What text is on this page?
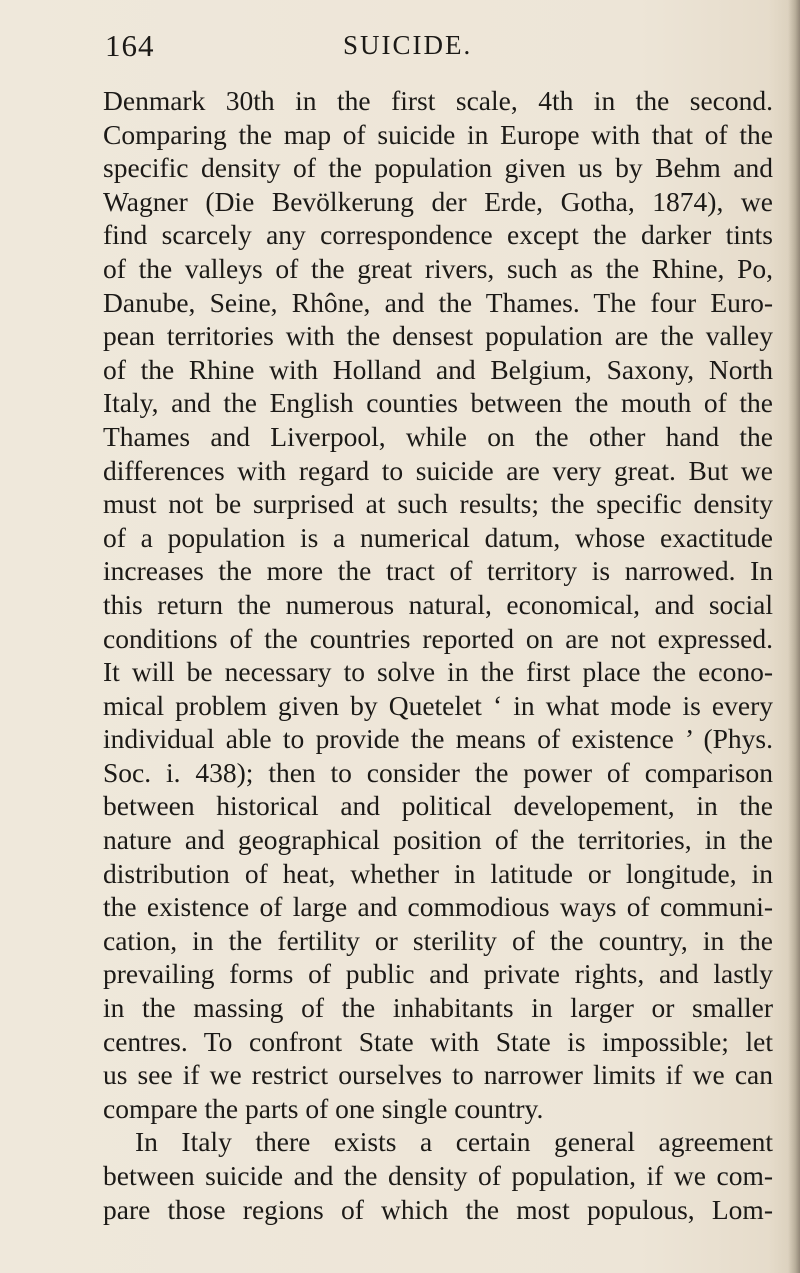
164	SUICIDE.
Denmark 30th in the first scale, 4th in the second.
Comparing the map of suicide in Europe with that of the
specific density of the population given us by Behm and
Wagner (Die Bevölkerung der Erde, Gotha, 1874), we
find scarcely any correspondence except the darker tints
of the valleys of the great rivers, such as the Rhine, Po,
Danube, Seine, Rhône, and the Thames. The four Euro-
pean territories with the densest population are the valley
of the Rhine with Holland and Belgium, Saxony, North
Italy, and the English counties between the mouth of the
Thames and Liverpool, while on the other hand the
differences with regard to suicide are very great. But we
must not be surprised at such results; the specific density
of a population is a numerical datum, whose exactitude
increases the more the tract of territory is narrowed. In
this return the numerous natural, economical, and social
conditions of the countries reported on are not expressed.
It will be necessary to solve in the first place the econo-
mical problem given by Quetelet ‘ in what mode is every
individual able to provide the means of existence ’ (Phys.
Soc. i. 438); then to consider the power of comparison
between historical and political developement, in the
nature and geographical position of the territories, in the
distribution of heat, whether in latitude or longitude, in
the existence of large and commodious ways of communi-
cation, in the fertility or sterility of the country, in the
prevailing forms of public and private rights, and lastly
in the massing of the inhabitants in larger or smaller
centres. To confront State with State is impossible; let
us see if we restrict ourselves to narrower limits if we can
compare the parts of one single country.
In Italy there exists a certain general agreement
between suicide and the density of population, if we com-
pare those regions of which the most populous, Lom-
